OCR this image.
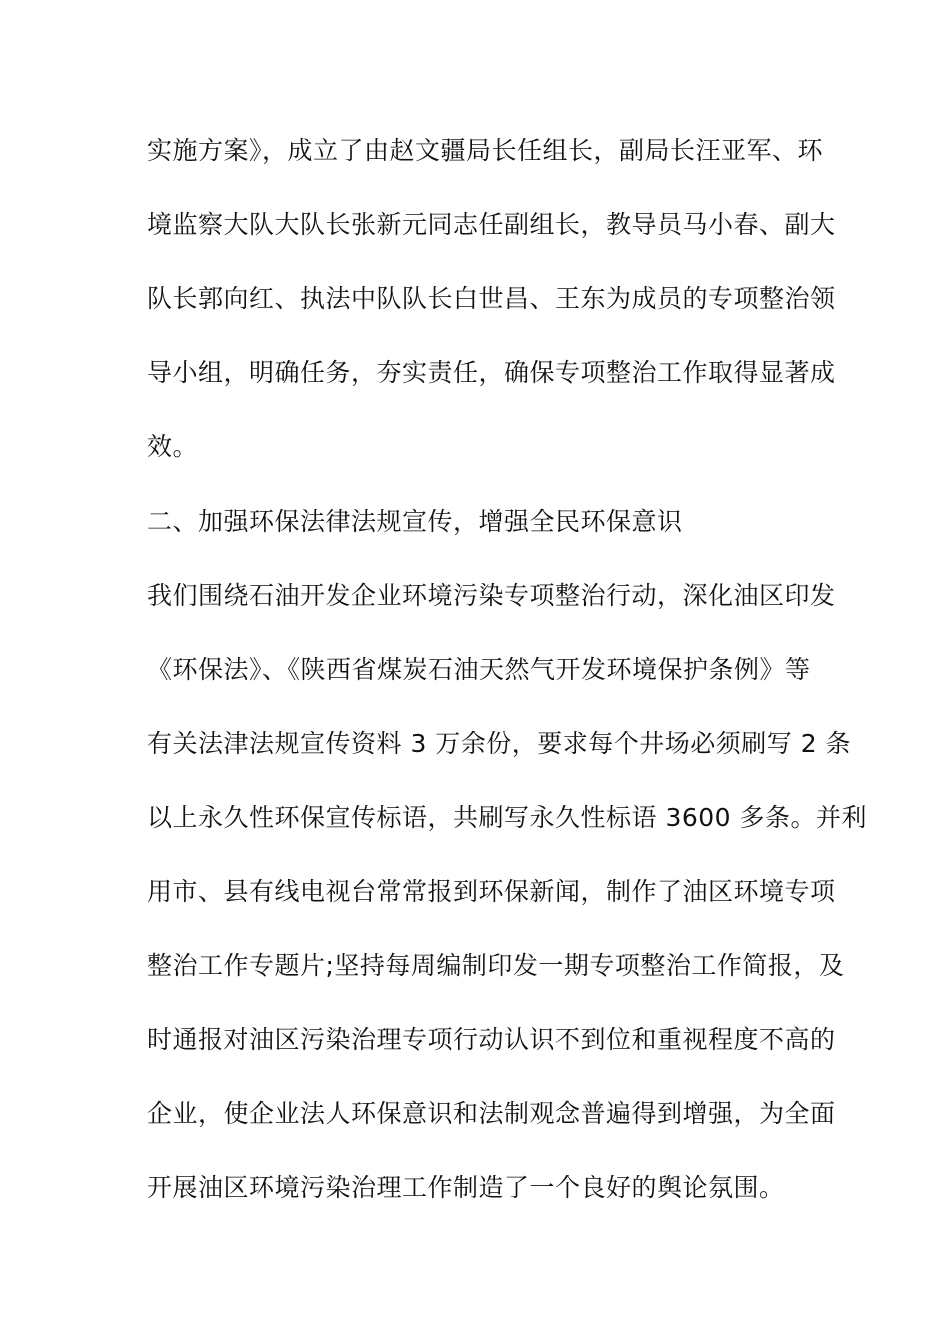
实施方案》，成立了由赵文疆局长任组长，副局长汪亚军、环
境监察大队大队长张新元同志任副组长，教导员马小春、副大
队长郭向红、执法中队队长白世昌、王东为成员的专项整治领
导小组，明确任务，夯实责任，确保专项整治工作取得显著成
效。
二、加强环保法律法规宣传，增强全民环保意识
我们围绕石油开发企业环境污染专项整治行动，深化油区印发
《环保法》、《陕西省煤炭石油天然气开发环境保护条例》等
有关法津法规宣传资料 3 万余份，要求每个井场必须刷写 2 条
以上永久性环保宣传标语，共刷写永久性标语 3600 多条。并利
用市、县有线电视台常常报到环保新闻，制作了油区环境专项
整治工作专题片;坚持每周编制印发一期专项整治工作简报，及
时通报对油区污染治理专项行动认识不到位和重视程度不高的
企业，使企业法人环保意识和法制观念普遍得到增强，为全面
开展油区环境污染治理工作制造了一个良好的舆论氛围。
